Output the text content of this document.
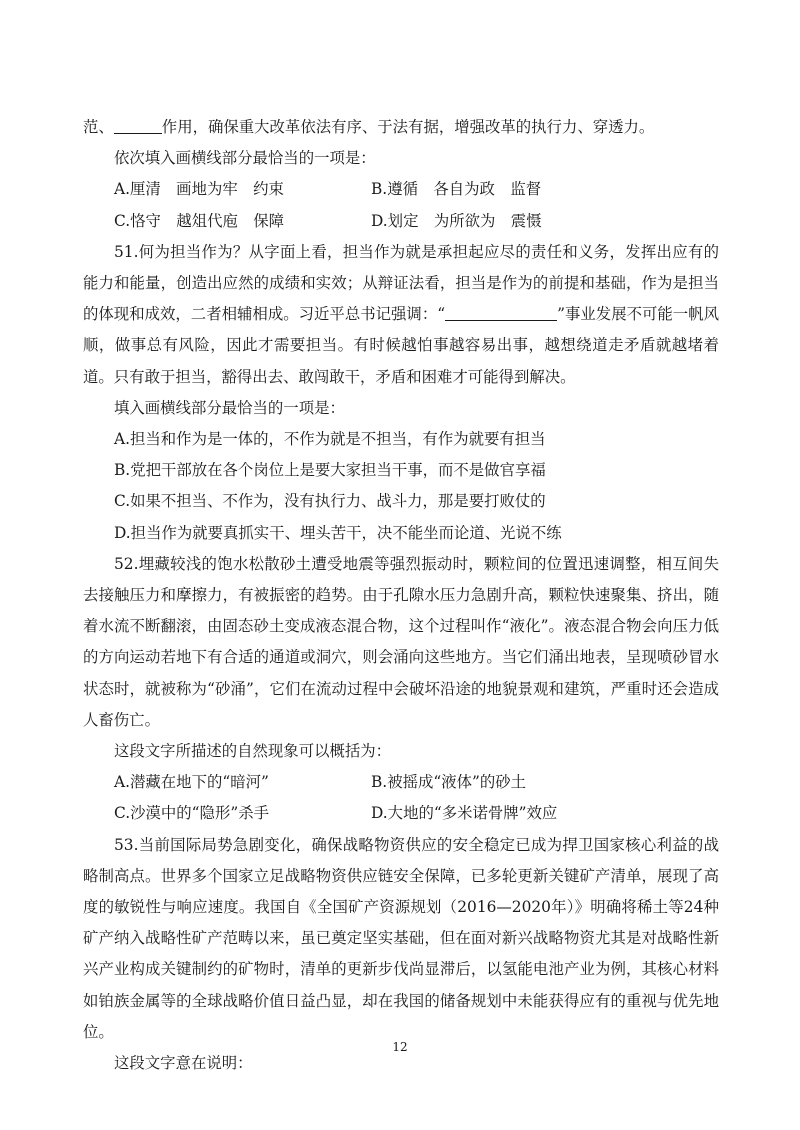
范、	作用，确保重大改革依法有序、于法有据，增强改革的执行力、穿透力。

依次填入画横线部分最恰当的一项是：

A.厘清　画地为牢　约束	B.遵循　各自为政　监督
C.恪守　越俎代庖　保障	D.划定　为所欲为　震慑

51.何为担当作为？从字面上看，担当作为就是承担起应尽的责任和义务，发挥出应有的能力和能量，创造出应然的成绩和实效；从辩证法看，担当是作为的前提和基础，作为是担当的体现和成效，二者相辅相成。习近平总书记强调：“	”事业发展不可能一帆风顺，做事总有风险，因此才需要担当。有时候越怕事越容易出事，越想绕道走矛盾就越堵着道。只有敢于担当，豁得出去、敢闯敢干，矛盾和困难才可能得到解决。

填入画横线部分最恰当的一项是：

A.担当和作为是一体的，不作为就是不担当，有作为就要有担当
B.党把干部放在各个岗位上是要大家担当干事，而不是做官享福
C.如果不担当、不作为，没有执行力、战斗力，那是要打败仗的
D.担当作为就要真抓实干、埋头苦干，决不能坐而论道、光说不练

52.埋藏较浅的饱水松散砂土遭受地震等强烈振动时，颗粒间的位置迅速调整，相互间失去接触压力和摩擦力，有被振密的趋势。由于孔隙水压力急剧升高，颗粒快速聚集、挤出，随着水流不断翻滚，由固态砂土变成液态混合物，这个过程叫作“液化”。液态混合物会向压力低的方向运动若地下有合适的通道或洞穴，则会涌向这些地方。当它们涌出地表，呈现喷砂冒水状态时，就被称为“砂涌”，它们在流动过程中会破坏沿途的地貌景观和建筑，严重时还会造成人畜伤亡。

这段文字所描述的自然现象可以概括为：

A.潜藏在地下的“暗河”	B.被摇成“液体”的砂土
C.沙漠中的“隐形”杀手	D.大地的“多米诺骨牌”效应

53.当前国际局势急剧变化，确保战略物资供应的安全稳定已成为捍卫国家核心利益的战略制高点。世界多个国家立足战略物资供应链安全保障，已多轮更新关键矿产清单，展现了高度的敏锐性与响应速度。我国自《全国矿产资源规划（2016—2020年）》明确将稀土等24种矿产纳入战略性矿产范畴以来，虽已奠定坚实基础，但在面对新兴战略物资尤其是对战略性新兴产业构成关键制约的矿物时，清单的更新步伐尚显滞后，以氢能电池产业为例，其核心材料如铂族金属等的全球战略价值日益凸显，却在我国的储备规划中未能获得应有的重视与优先地位。

这段文字意在说明：

12
